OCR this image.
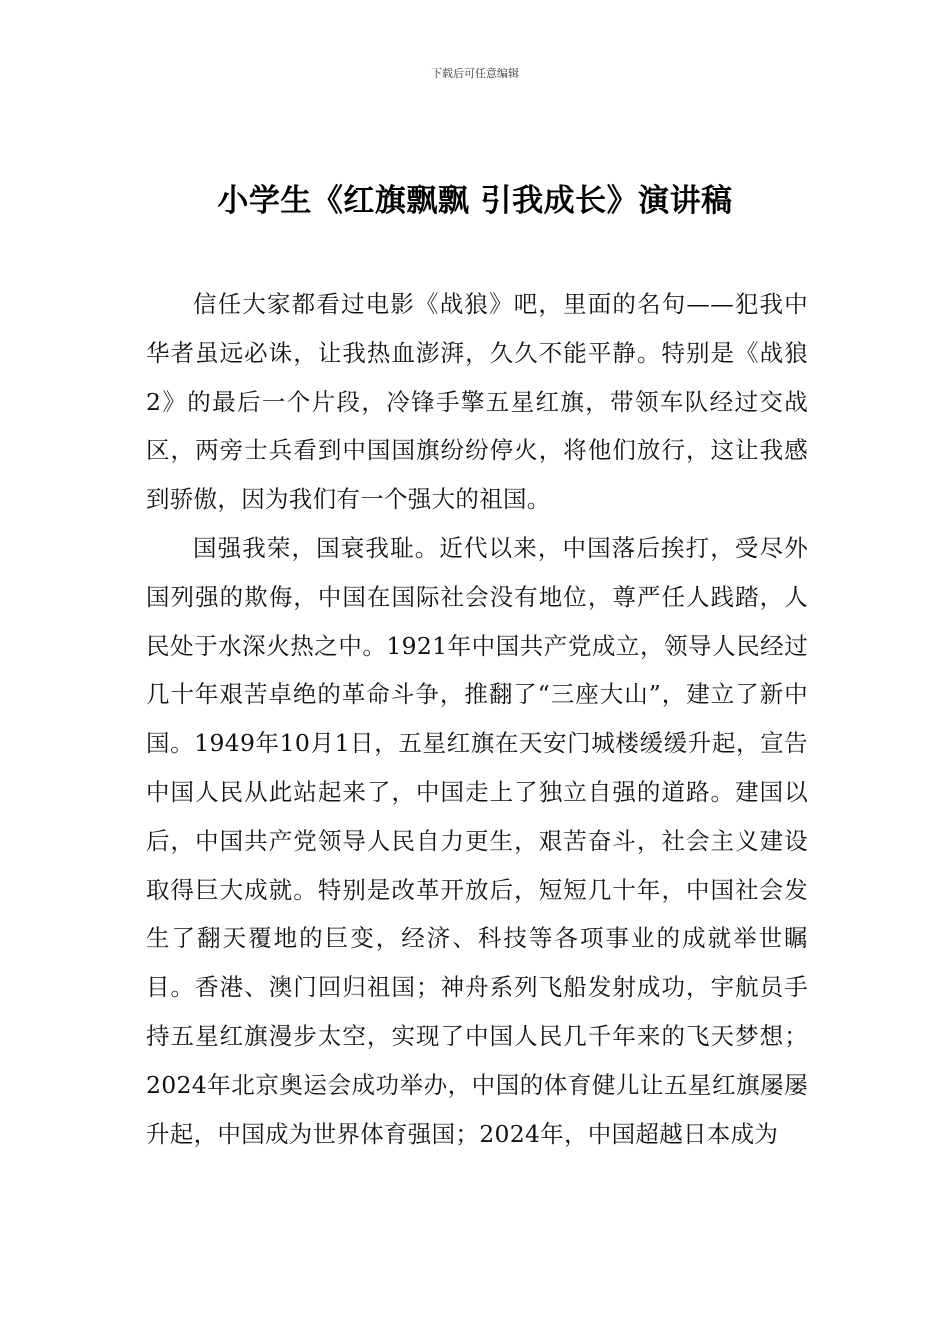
下载后可任意编辑
小学生《红旗飘飘 引我成长》演讲稿

信任大家都看过电影《战狼》吧，里面的名句——犯我中华者虽远必诛，让我热血澎湃，久久不能平静。特别是《战狼2》的最后一个片段，冷锋手擎五星红旗，带领车队经过交战区，两旁士兵看到中国国旗纷纷停火，将他们放行，这让我感到骄傲，因为我们有一个强大的祖国。

国强我荣，国衰我耻。近代以来，中国落后挨打，受尽外国列强的欺侮，中国在国际社会没有地位，尊严任人践踏，人民处于水深火热之中。1921年中国共产党成立，领导人民经过几十年艰苦卓绝的革命斗争，推翻了“三座大山”，建立了新中国。1949年10月1日，五星红旗在天安门城楼缓缓升起，宣告中国人民从此站起来了，中国走上了独立自强的道路。建国以后，中国共产党领导人民自力更生，艰苦奋斗，社会主义建设取得巨大成就。特别是改革开放后，短短几十年，中国社会发生了翻天覆地的巨变，经济、科技等各项事业的成就举世瞩目。香港、澳门回归祖国；神舟系列飞船发射成功，宇航员手持五星红旗漫步太空，实现了中国人民几千年来的飞天梦想；2024年北京奥运会成功举办，中国的体育健儿让五星红旗屡屡升起，中国成为世界体育强国；2024年，中国超越日本成为
